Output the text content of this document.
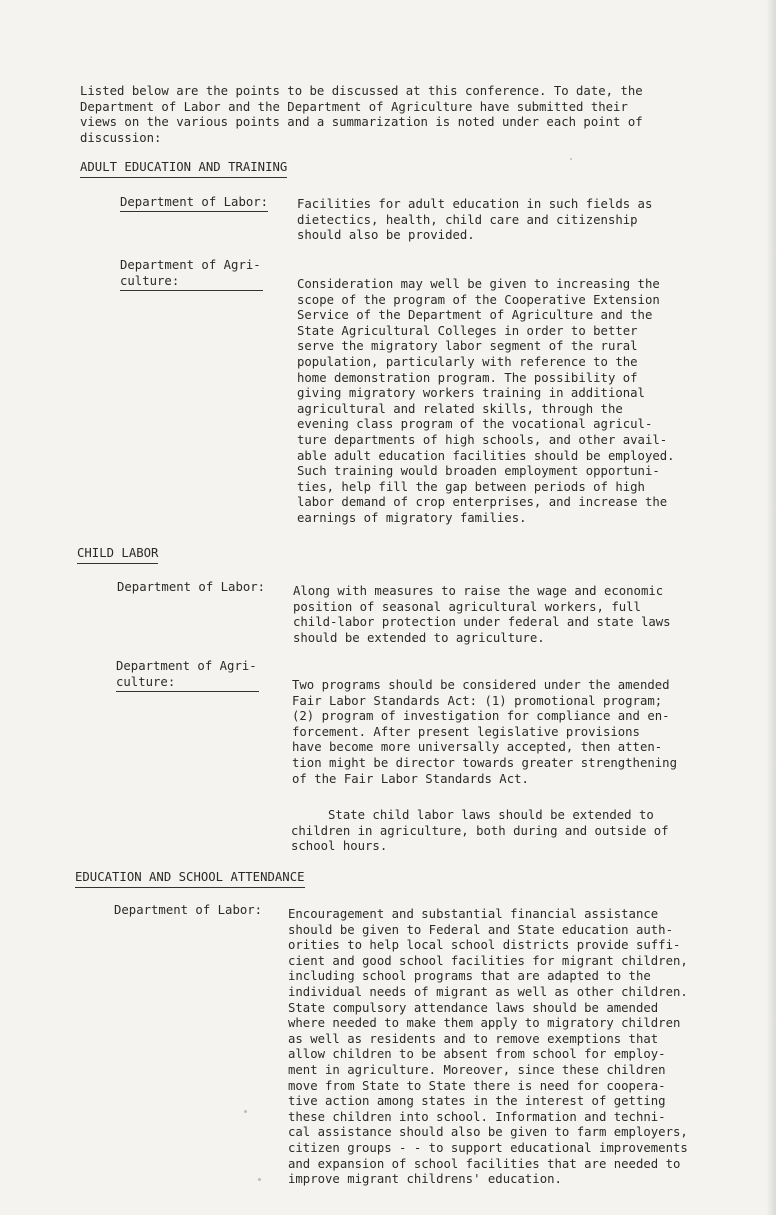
Listed below are the points to be discussed at this conference. To date, the
Department of Labor and the Department of Agriculture have submitted their
views on the various points and a summarization is noted under each point of
discussion:
ADULT EDUCATION AND TRAINING
Department of Labor: Facilities for adult education in such fields as
dietectics, health, child care and citizenship
should also be provided.
Department of Agri-
culture:	Consideration may well be given to increasing the
scope of the program of the Cooperative Extension
Service of the Department of Agriculture and the
State Agricultural Colleges in order to better
serve the migratory labor segment of the rural
population, particularly with reference to the
home demonstration program. The possibility of
giving migratory workers training in additional
agricultural and related skills, through the
evening class program of the vocational agricul-
ture departments of high schools, and other avail-
able adult education facilities should be employed.
Such training would broaden employment opportuni-
ties, help fill the gap between periods of high
labor demand of crop enterprises, and increase the
earnings of migratory families.
CHILD LABOR
Department of Labor: Along with measures to raise the wage and economic
position of seasonal agricultural workers, full
child-labor protection under federal and state laws
should be extended to agriculture.
Department of Agri-
culture:	Two programs should be considered under the amended
Fair Labor Standards Act: (1) promotional program;
(2) program of investigation for compliance and en-
forcement. After present legislative provisions
have become more universally accepted, then atten-
tion might be director towards greater strengthening
of the Fair Labor Standards Act.
State child labor laws should be extended to
children in agriculture, both during and outside of
school hours.
EDUCATION AND SCHOOL ATTENDANCE
Department of Labor: Encouragement and substantial financial assistance
should be given to Federal and State education auth-
orities to help local school districts provide suffi-
cient and good school facilities for migrant children,
including school programs that are adapted to the
individual needs of migrant as well as other children.
State compulsory attendance laws should be amended
where needed to make them apply to migratory children
as well as residents and to remove exemptions that
allow children to be absent from school for employ-
ment in agriculture. Moreover, since these children
move from State to State there is need for coopera-
tive action among states in the interest of getting
these children into school. Information and techni-
cal assistance should also be given to farm employers,
citizen groups - - to support educational improvements
and expansion of school facilities that are needed to
improve migrant childrens' education.
